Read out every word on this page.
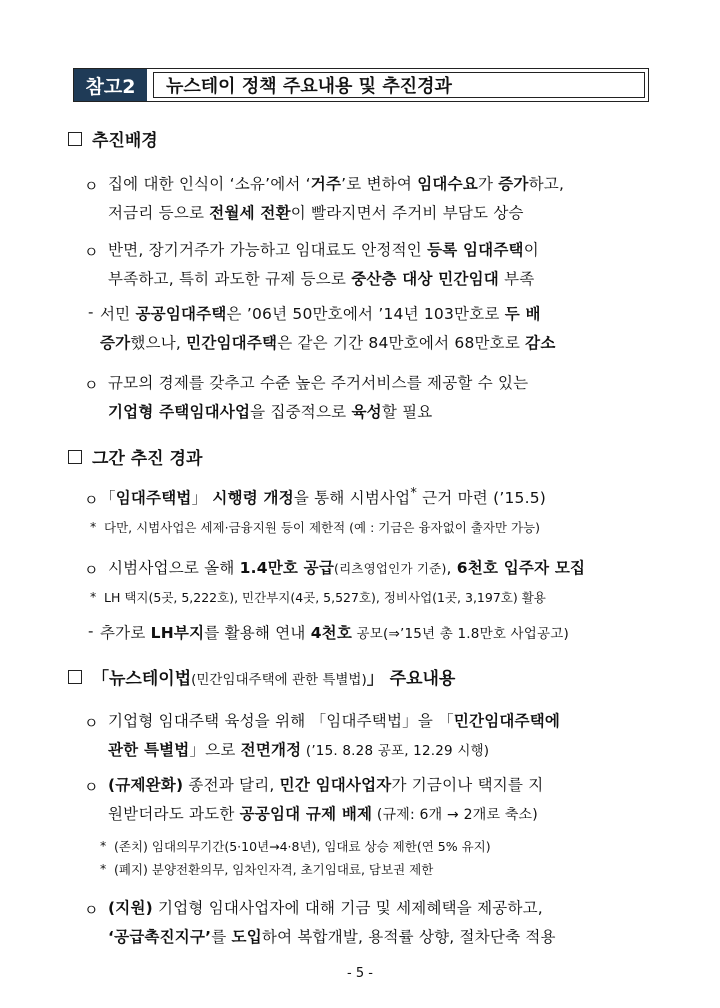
참고2	뉴스테이 정책 주요내용 및 추진경과
추진배경
ㅇ 집에 대한 인식이 ‘소유’에서 ‘거주’로 변하여 임대수요가 증가하고,
저금리 등으로 전월세 전환이 빨라지면서 주거비 부담도 상승
ㅇ 반면, 장기거주가 가능하고 임대료도 안정적인 등록 임대주택이
부족하고, 특히 과도한 규제 등으로 중산층 대상 민간임대 부족
- 서민 공공임대주택은 ’06년 50만호에서 ’14년 103만호로 두 배
증가했으나, 민간임대주택은 같은 기간 84만호에서 68만호로 감소
ㅇ 규모의 경제를 갖추고 수준 높은 주거서비스를 제공할 수 있는
기업형 주택임대사업을 집중적으로 육성할 필요
그간 추진 경과
ㅇ 「임대주택법」 시행령 개정을 통해 시범사업* 근거 마련 (’15.5)
* 다만, 시범사업은 세제·금융지원 등이 제한적 (예 : 기금은 융자없이 출자만 가능)
ㅇ 시범사업으로 올해 1.4만호 공급(리츠영업인가 기준), 6천호 입주자 모집
* LH 택지(5곳, 5,222호), 민간부지(4곳, 5,527호), 정비사업(1곳, 3,197호) 활용
- 추가로 LH부지를 활용해 연내 4천호 공모(⇒’15년 총 1.8만호 사업공고)
「뉴스테이법(민간임대주택에 관한 특별법)」 주요내용
ㅇ 기업형 임대주택 육성을 위해 「임대주택법」을 「민간임대주택에
관한 특별법」으로 전면개정 (’15. 8.28 공포, 12.29 시행)
ㅇ (규제완화) 종전과 달리, 민간 임대사업자가 기금이나 택지를 지
원받더라도 과도한 공공임대 규제 배제 (규제: 6개 → 2개로 축소)
* (존치) 임대의무기간(5·10년→4·8년), 임대료 상승 제한(연 5% 유지)
* (폐지) 분양전환의무, 임차인자격, 초기임대료, 담보권 제한
ㅇ (지원) 기업형 임대사업자에 대해 기금 및 세제혜택을 제공하고,
‘공급촉진지구’를 도입하여 복합개발, 용적률 상향, 절차단축 적용
- 5 -
